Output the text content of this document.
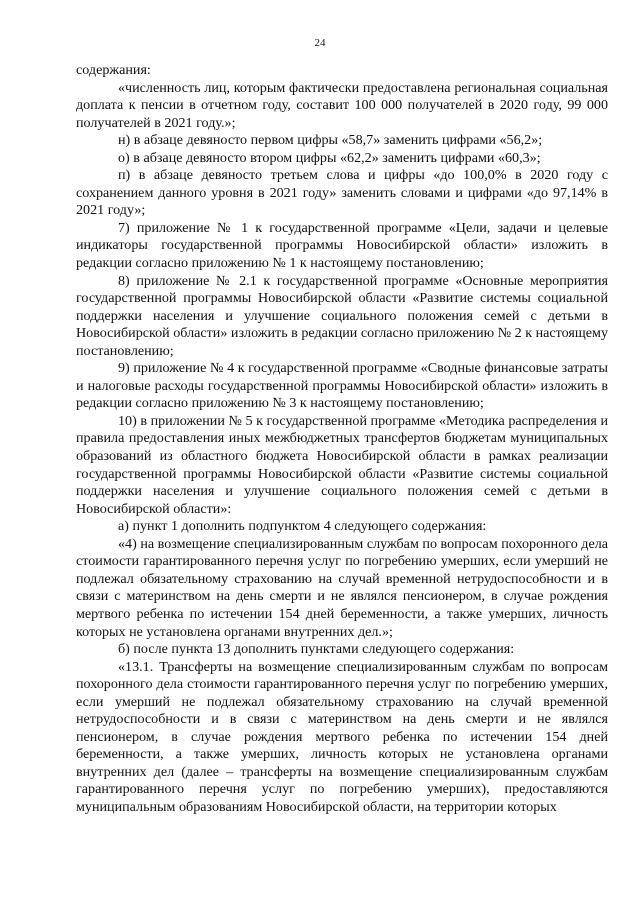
24

содержания:

«численность лиц, которым фактически предоставлена региональная социальная доплата к пенсии в отчетном году, составит 100 000 получателей в 2020 году, 99 000 получателей в 2021 году.»;

н) в абзаце девяносто первом цифры «58,7» заменить цифрами «56,2»;

о) в абзаце девяносто втором цифры «62,2» заменить цифрами «60,3»;

п) в абзаце девяносто третьем слова и цифры «до 100,0% в 2020 году с сохранением данного уровня в 2021 году» заменить словами и цифрами «до 97,14% в 2021 году»;

7) приложение № 1 к государственной программе «Цели, задачи и целевые индикаторы государственной программы Новосибирской области» изложить в редакции согласно приложению № 1 к настоящему постановлению;

8) приложение № 2.1 к государственной программе «Основные мероприятия государственной программы Новосибирской области «Развитие системы социальной поддержки населения и улучшение социального положения семей с детьми в Новосибирской области» изложить в редакции согласно приложению № 2 к настоящему постановлению;

9) приложение № 4 к государственной программе «Сводные финансовые затраты и налоговые расходы государственной программы Новосибирской области» изложить в редакции согласно приложению № 3 к настоящему постановлению;

10) в приложении № 5 к государственной программе «Методика распределения и правила предоставления иных межбюджетных трансфертов бюджетам муниципальных образований из областного бюджета Новосибирской области в рамках реализации государственной программы Новосибирской области «Развитие системы социальной поддержки населения и улучшение социального положения семей с детьми в Новосибирской области»:

а) пункт 1 дополнить подпунктом 4 следующего содержания:

«4) на возмещение специализированным службам по вопросам похоронного дела стоимости гарантированного перечня услуг по погребению умерших, если умерший не подлежал обязательному страхованию на случай временной нетрудоспособности и в связи с материнством на день смерти и не являлся пенсионером, в случае рождения мертвого ребенка по истечении 154 дней беременности, а также умерших, личность которых не установлена органами внутренних дел.»;

б) после пункта 13 дополнить пунктами следующего содержания:

«13.1. Трансферты на возмещение специализированным службам по вопросам похоронного дела стоимости гарантированного перечня услуг по погребению умерших, если умерший не подлежал обязательному страхованию на случай временной нетрудоспособности и в связи с материнством на день смерти и не являлся пенсионером, в случае рождения мертвого ребенка по истечении 154 дней беременности, а также умерших, личность которых не установлена органами внутренних дел (далее – трансферты на возмещение специализированным службам гарантированного перечня услуг по погребению умерших), предоставляются муниципальным образованиям Новосибирской области, на территории которых
